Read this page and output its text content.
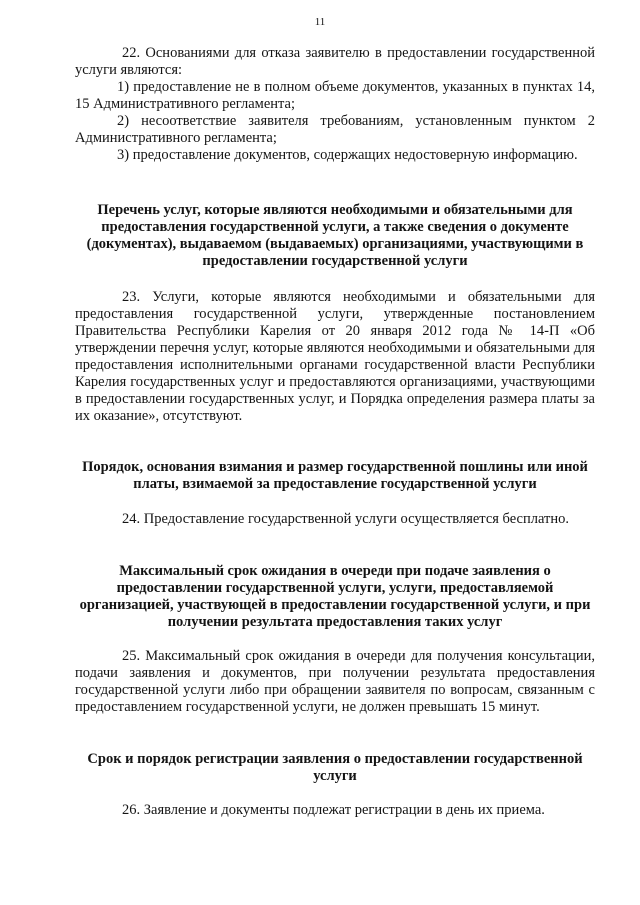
11

22. Основаниями для отказа заявителю в предоставлении государственной услуги являются:

1) предоставление не в полном объеме документов, указанных в пунктах 14, 15 Административного регламента;

2) несоответствие заявителя требованиям, установленным пунктом 2 Административного регламента;

3) предоставление документов, содержащих недостоверную информацию.

Перечень услуг, которые являются необходимыми и обязательными для предоставления государственной услуги, а также сведения о документе (документах), выдаваемом (выдаваемых) организациями, участвующими в предоставлении государственной услуги

23. Услуги, которые являются необходимыми и обязательными для предоставления государственной услуги, утвержденные постановлением Правительства Республики Карелия от 20 января 2012 года № 14-П «Об утверждении перечня услуг, которые являются необходимыми и обязательными для предоставления исполнительными органами государственной власти Республики Карелия государственных услуг и предоставляются организациями, участвующими в предоставлении государственных услуг, и Порядка определения размера платы за их оказание», отсутствуют.

Порядок, основания взимания и размер государственной пошлины или иной платы, взимаемой за предоставление государственной услуги

24. Предоставление государственной услуги осуществляется бесплатно.

Максимальный срок ожидания в очереди при подаче заявления о предоставлении государственной услуги, услуги, предоставляемой организацией, участвующей в предоставлении государственной услуги, и при получении результата предоставления таких услуг

25. Максимальный срок ожидания в очереди для получения консультации, подачи заявления и документов, при получении результата предоставления государственной услуги либо при обращении заявителя по вопросам, связанным с предоставлением государственной услуги, не должен превышать 15 минут.

Срок и порядок регистрации заявления о предоставлении государственной услуги

26. Заявление и документы подлежат регистрации в день их приема.
